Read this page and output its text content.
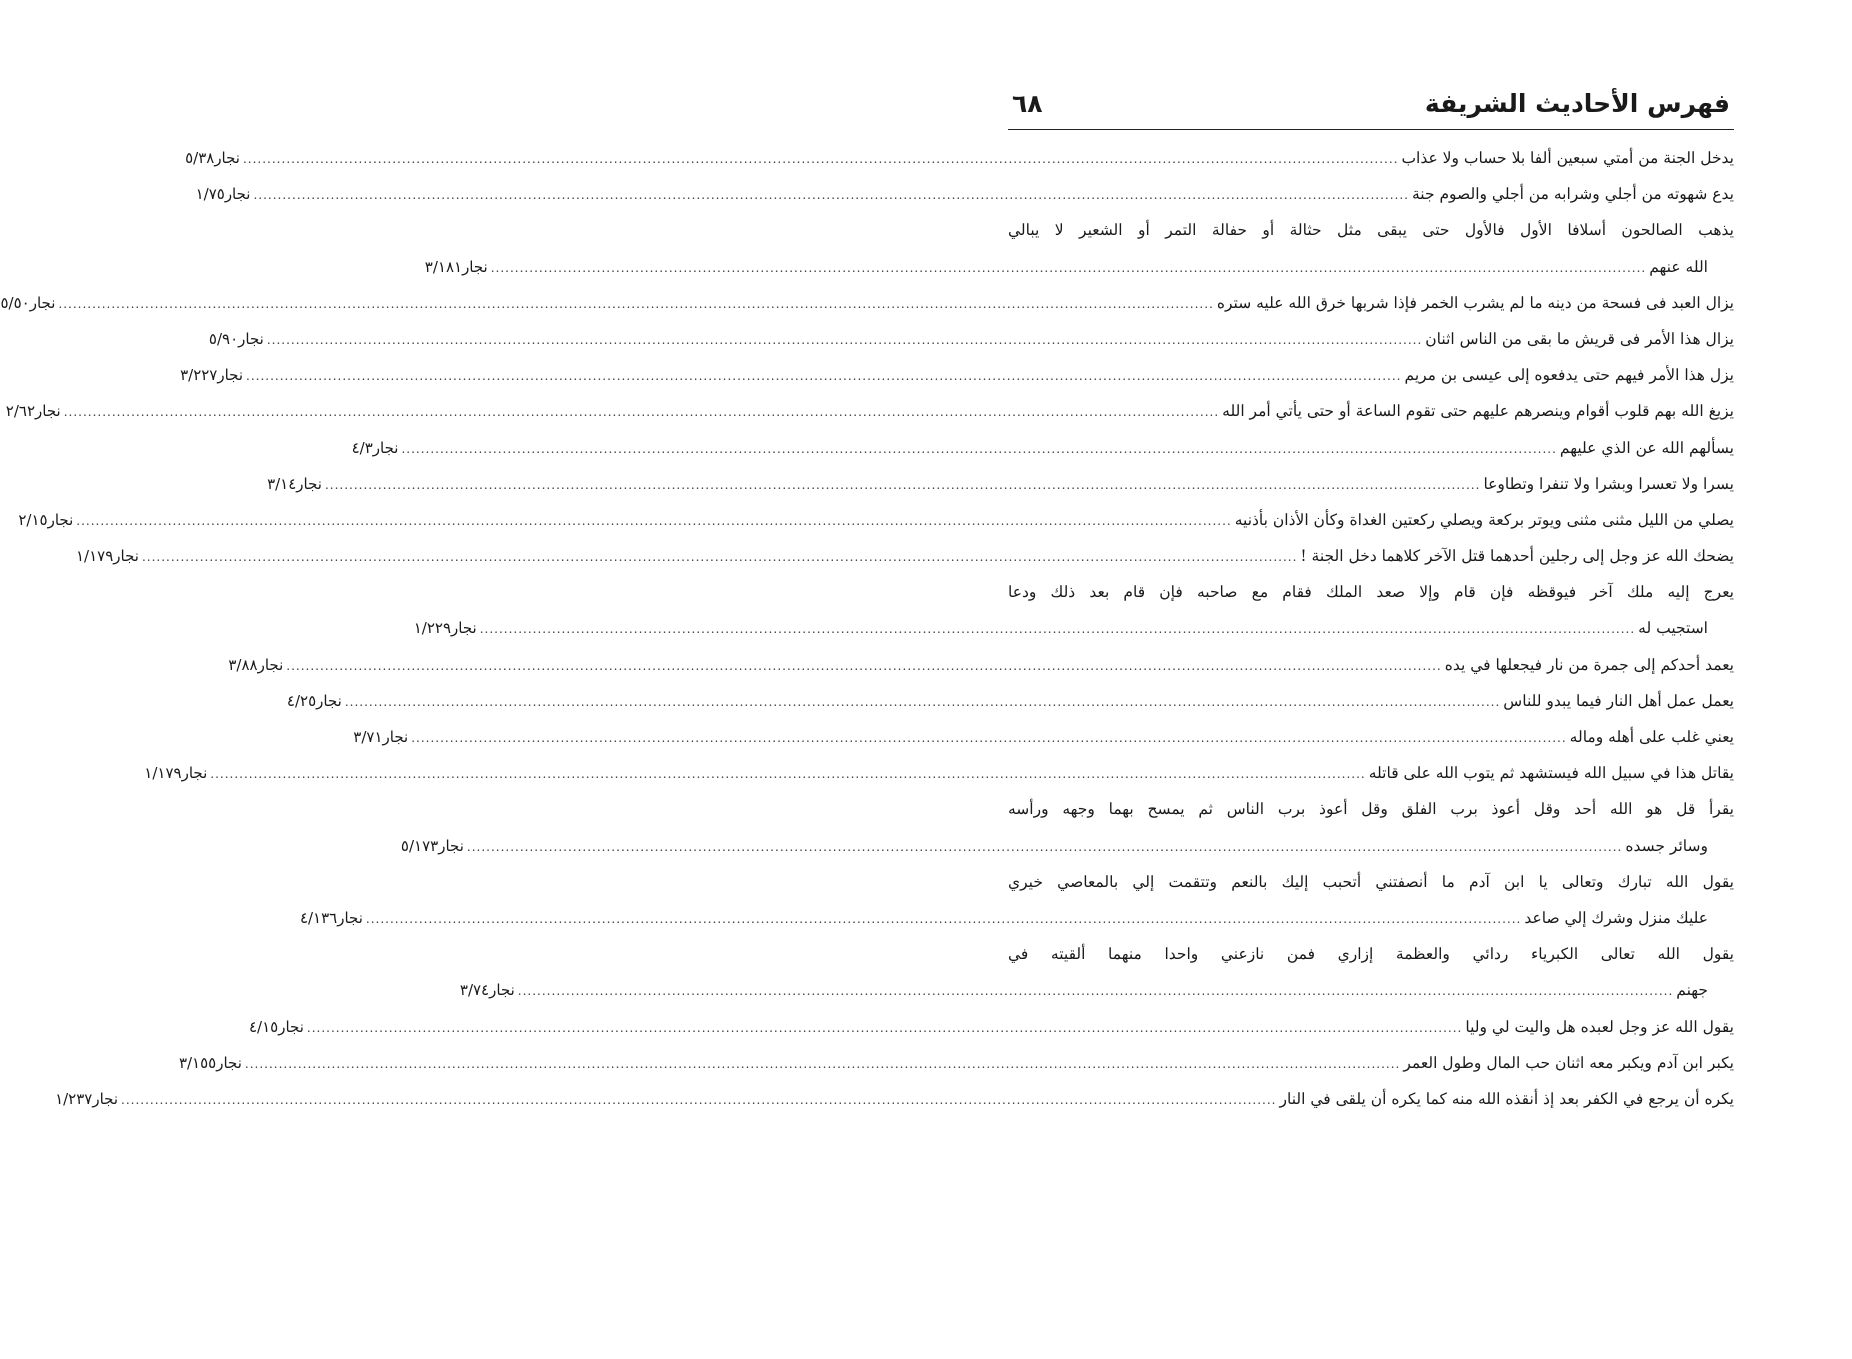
فهرس الأحاديث الشريفة
٦٨
يدخل الجنة من أمتي سبعين ألفا بلا حساب ولا عذاب
.....
نجار٥/٣٨
يدع شهوته من أجلي وشرابه من أجلي والصوم جنة
.....
نجار١/٧٥
يذهب الصالحون أسلافا الأول فالأول حتى يبقى مثل حثالة أو حفالة التمر أو الشعير لا يبالي
الله عنهم
.....
نجار٣/١٨١
يزال العبد فى فسحة من دينه ما لم يشرب الخمر فإذا شربها خرق الله عليه ستره
.....
نجار٥/٥٠
يزال هذا الأمر فى قريش ما بقى من الناس اثنان
.....
نجار٥/٩٠
يزل هذا الأمر فيهم حتى يدفعوه إلى عيسى بن مريم
.....
نجار٣/٢٢٧
يزيغ الله بهم قلوب أقوام وينصرهم عليهم حتى تقوم الساعة أو حتى يأتي أمر الله
.....
نجار٢/٦٢
يسألهم الله عن الذي عليهم
.....
نجار٤/٣
يسرا ولا تعسرا وبشرا ولا تنفرا وتطاوعا
.....
نجار٣/١٤
يصلي من الليل مثنى مثنى ويوتر بركعة ويصلي ركعتين الغداة وكأن الأذان بأذنيه
.....
نجار٢/١٥
يضحك الله عز وجل إلى رجلين أحدهما قتل الآخر كلاهما دخل الجنة !
.....
نجار١/١٧٩
يعرج إليه ملك آخر فيوقظه فإن قام وإلا صعد الملك فقام مع صاحبه فإن قام بعد ذلك ودعا
استجيب له
.....
نجار١/٢٢٩
يعمد أحدكم إلى جمرة من نار فيجعلها في يده
.....
نجار٣/٨٨
يعمل عمل أهل النار فيما يبدو للناس
.....
نجار٤/٢٥
يعني غلب على أهله وماله
.....
نجار٣/٧١
يقاتل هذا في سبيل الله فيستشهد ثم يتوب الله على قاتله
.....
نجار١/١٧٩
يقرأ قل هو الله أحد وقل أعوذ برب الفلق وقل أعوذ برب الناس ثم يمسح بهما وجهه ورأسه
وسائر جسده
.....
نجار٥/١٧٣
يقول الله تبارك وتعالى يا ابن آدم ما أنصفتني أتحبب إليك بالنعم وتتقمت إلي بالمعاصي خيري
عليك منزل وشرك إلي صاعد
.....
نجار٤/١٣٦
يقول الله تعالى الكبرياء ردائي والعظمة إزاري فمن نازعني واحدا منهما ألقيته في
جهنم
.....
نجار٣/٧٤
يقول الله عز وجل لعبده هل واليت لي وليا
.....
نجار٤/١٥
يكبر ابن آدم ويكبر معه اثنان حب المال وطول العمر
.....
نجار٣/١٥٥
يكره أن يرجع في الكفر بعد إذ أنقذه الله منه كما يكره أن يلقى في النار
.....
نجار١/٢٣٧
